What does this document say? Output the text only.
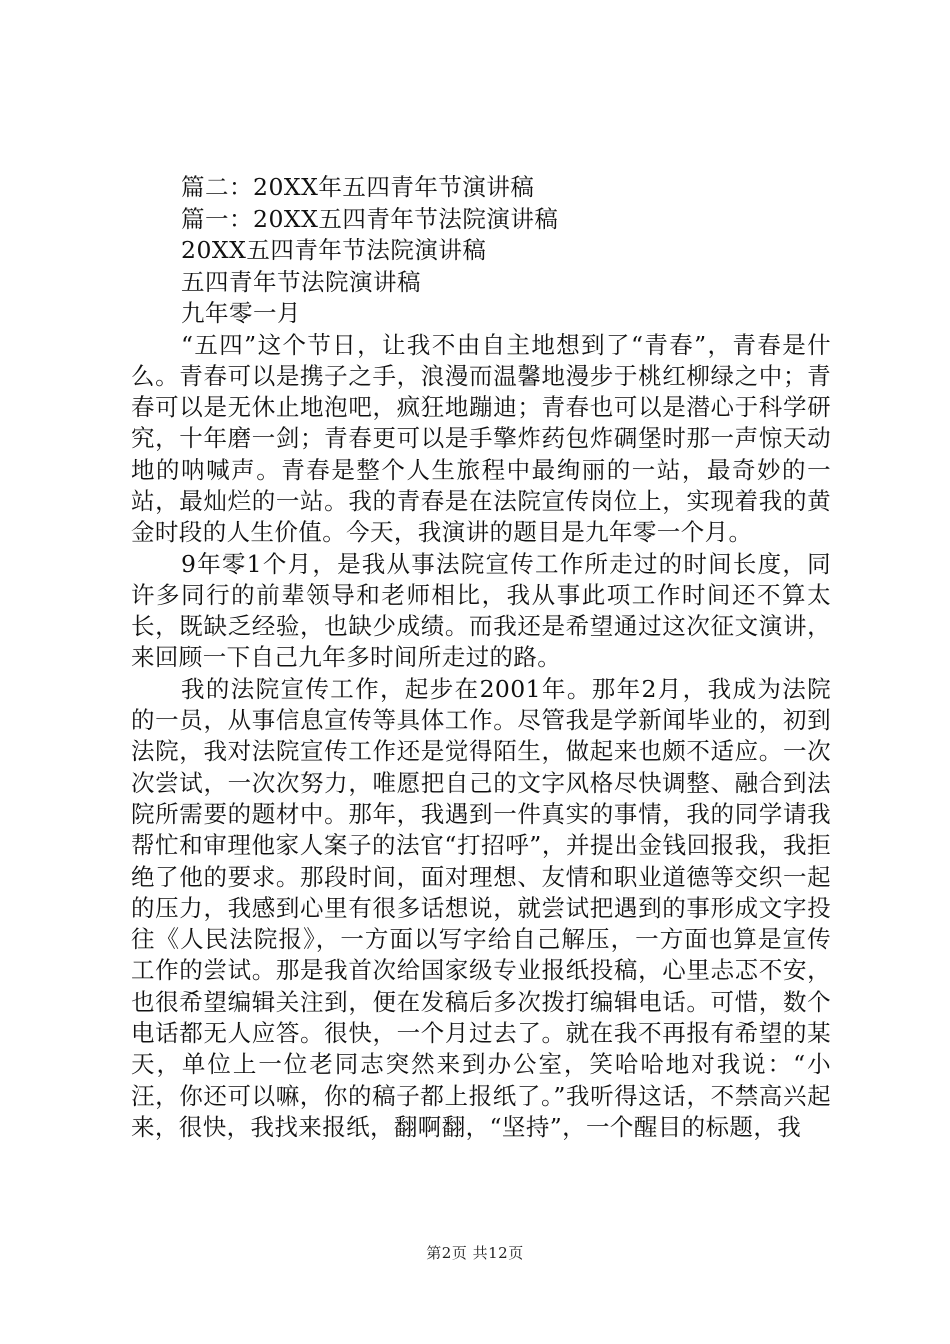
篇二：20XX年五四青年节演讲稿
篇一：20XX五四青年节法院演讲稿
20XX五四青年节法院演讲稿
五四青年节法院演讲稿
九年零一月

“五四”这个节日，让我不由自主地想到了“青春”，青春是什么。青春可以是携子之手，浪漫而温馨地漫步于桃红柳绿之中；青春可以是无休止地泡吧，疯狂地蹦迪；青春也可以是潜心于科学研究，十年磨一剑；青春更可以是手擎炸药包炸碉堡时那一声惊天动地的呐喊声。青春是整个人生旅程中最绚丽的一站，最奇妙的一站，最灿烂的一站。我的青春是在法院宣传岗位上，实现着我的黄金时段的人生价值。今天，我演讲的题目是九年零一个月。

9年零1个月，是我从事法院宣传工作所走过的时间长度，同许多同行的前辈领导和老师相比，我从事此项工作时间还不算太长，既缺乏经验，也缺少成绩。而我还是希望通过这次征文演讲，来回顾一下自己九年多时间所走过的路。

我的法院宣传工作，起步在2001年。那年2月，我成为法院的一员，从事信息宣传等具体工作。尽管我是学新闻毕业的，初到法院，我对法院宣传工作还是觉得陌生，做起来也颇不适应。一次次尝试，一次次努力，唯愿把自己的文字风格尽快调整、融合到法院所需要的题材中。那年，我遇到一件真实的事情，我的同学请我帮忙和审理他家人案子的法官“打招呼”，并提出金钱回报我，我拒绝了他的要求。那段时间，面对理想、友情和职业道德等交织一起的压力，我感到心里有很多话想说，就尝试把遇到的事形成文字投往《人民法院报》，一方面以写字给自己解压，一方面也算是宣传工作的尝试。那是我首次给国家级专业报纸投稿，心里忐忑不安，也很希望编辑关注到，便在发稿后多次拨打编辑电话。可惜，数个电话都无人应答。很快，一个月过去了。就在我不再报有希望的某天，单位上一位老同志突然来到办公室，笑哈哈地对我说：“小汪，你还可以嘛，你的稿子都上报纸了。”我听得这话，不禁高兴起来，很快，我找来报纸，翻啊翻，“坚持”，一个醒目的标题，我

第2页 共12页
